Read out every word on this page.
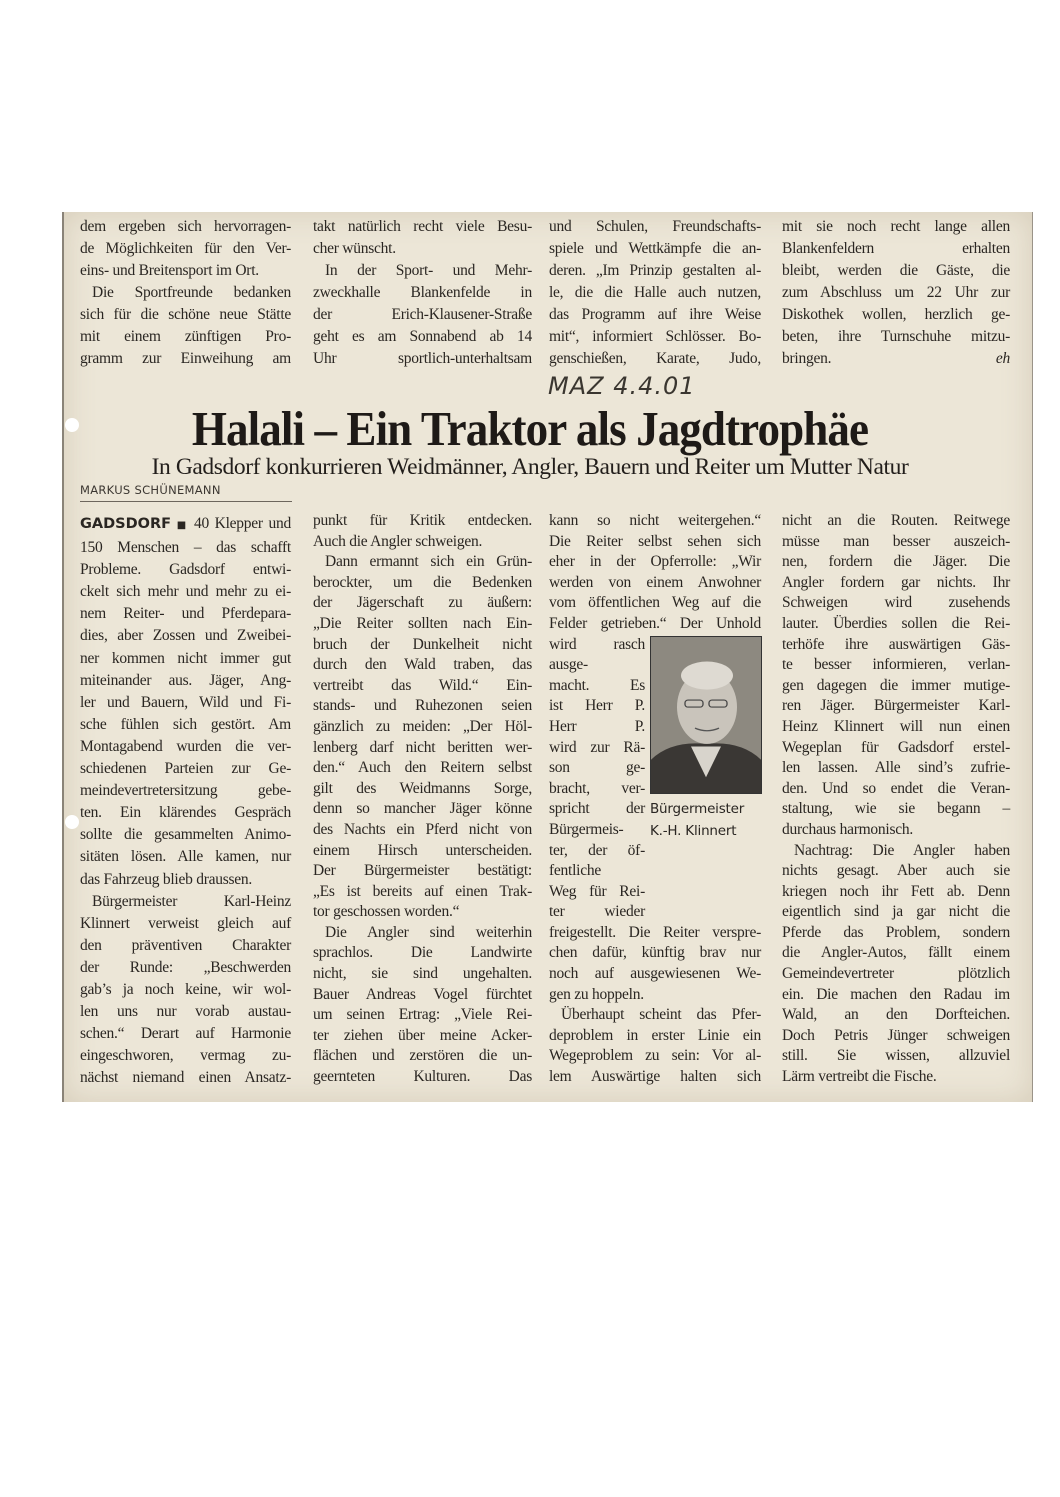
dem ergeben sich hervorragen-
de Möglichkeiten für den Ver-
eins- und Breitensport im Ort.
Die Sportfreunde bedanken
sich für die schöne neue Stätte
mit einem zünftigen Pro-
gramm zur Einweihung am
takt natürlich recht viele Besu-
cher wünscht.
In der Sport- und Mehr-
zweckhalle Blankenfelde in
der Erich-Klausener-Straße
geht es am Sonnabend ab 14
Uhr sportlich-unterhaltsam
und Schulen, Freundschafts-
spiele und Wettkämpfe die an-
deren. „Im Prinzip gestalten al-
le, die die Halle auch nutzen,
das Programm auf ihre Weise
mit“, informiert Schlösser. Bo-
genschießen, Karate, Judo,
mit sie noch recht lange allen
Blankenfeldern erhalten
bleibt, werden die Gäste, die
zum Abschluss um 22 Uhr zur
Diskothek wollen, herzlich ge-
beten, ihre Turnschuhe mitzu-
eh
bringen.
MAZ 4.4.01
Halali – Ein Traktor als Jagdtrophäe
In Gadsdorf konkurrieren Weidmänner, Angler, Bauern und Reiter um Mutter Natur
MARKUS SCHÜNEMANN
GADSDORF ■ 40 Klepper und
150 Menschen – das schafft
Probleme. Gadsdorf entwi-
ckelt sich mehr und mehr zu ei-
nem Reiter- und Pferdepara-
dies, aber Zossen und Zweibei-
ner kommen nicht immer gut
miteinander aus. Jäger, Ang-
ler und Bauern, Wild und Fi-
sche fühlen sich gestört. Am
Montagabend wurden die ver-
schiedenen Parteien zur Ge-
meindevertretersitzung gebe-
ten. Ein klärendes Gespräch
sollte die gesammelten Animo-
sitäten lösen. Alle kamen, nur
das Fahrzeug blieb draussen.
Bürgermeister Karl-Heinz
Klinnert verweist gleich auf
den präventiven Charakter
der Runde: „Beschwerden
gab’s ja noch keine, wir wol-
len uns nur vorab austau-
schen.“ Derart auf Harmonie
eingeschworen, vermag zu-
nächst niemand einen Ansatz-
punkt für Kritik entdecken.
Auch die Angler schweigen.
Dann ermannt sich ein Grün-
berockter, um die Bedenken
der Jägerschaft zu äußern:
„Die Reiter sollten nach Ein-
bruch der Dunkelheit nicht
durch den Wald traben, das
vertreibt das Wild.“ Ein-
stands- und Ruhezonen seien
gänzlich zu meiden: „Der Höl-
lenberg darf nicht beritten wer-
den.“ Auch den Reitern selbst
gilt des Weidmanns Sorge,
denn so mancher Jäger könne
des Nachts ein Pferd nicht von
einem Hirsch unterscheiden.
Der Bürgermeister bestätigt:
„Es ist bereits auf einen Trak-
tor geschossen worden.“
Die Angler sind weiterhin
sprachlos. Die Landwirte
nicht, sie sind ungehalten.
Bauer Andreas Vogel fürchtet
um seinen Ertrag: „Viele Rei-
ter ziehen über meine Acker-
flächen und zerstören die un-
geernteten Kulturen. Das
kann so nicht weitergehen.“
Die Reiter selbst sehen sich
eher in der Opferrolle: „Wir
werden von einem Anwohner
vom öffentlichen Weg auf die
Felder getrieben.“ Der Unhold
wird rasch
ausge-
macht. Es
ist Herr P.
Herr P.
wird zur Rä-
son ge-
bracht, ver-
spricht der
Bürgermeis-
ter, der öf-
fentliche
Weg für Rei-
ter wieder
freigestellt. Die Reiter verspre-
chen dafür, künftig brav nur
noch auf ausgewiesenen We-
gen zu hoppeln.
Überhaupt scheint das Pfer-
deproblem in erster Linie ein
Wegeproblem zu sein: Vor al-
lem Auswärtige halten sich
nicht an die Routen. Reitwege
müsse man besser auszeich-
nen, fordern die Jäger. Die
Angler fordern gar nichts. Ihr
Schweigen wird zusehends
lauter. Überdies sollen die Rei-
terhöfe ihre auswärtigen Gäs-
te besser informieren, verlan-
gen dagegen die immer mutige-
ren Jäger. Bürgermeister Karl-
Heinz Klinnert will nun einen
Wegeplan für Gadsdorf erstel-
len lassen. Alle sind’s zufrie-
den. Und so endet die Veran-
staltung, wie sie begann –
durchaus harmonisch.
Nachtrag: Die Angler haben
nichts gesagt. Aber auch sie
kriegen noch ihr Fett ab. Denn
eigentlich sind ja gar nicht die
Pferde das Problem, sondern
die Angler-Autos, fällt einem
Gemeindevertreter plötzlich
ein. Die machen den Radau im
Wald, an den Dorfteichen.
Doch Petris Jünger schweigen
still. Sie wissen, allzuviel
Lärm vertreibt die Fische.
Bürgermeister
K.-H. Klinnert
